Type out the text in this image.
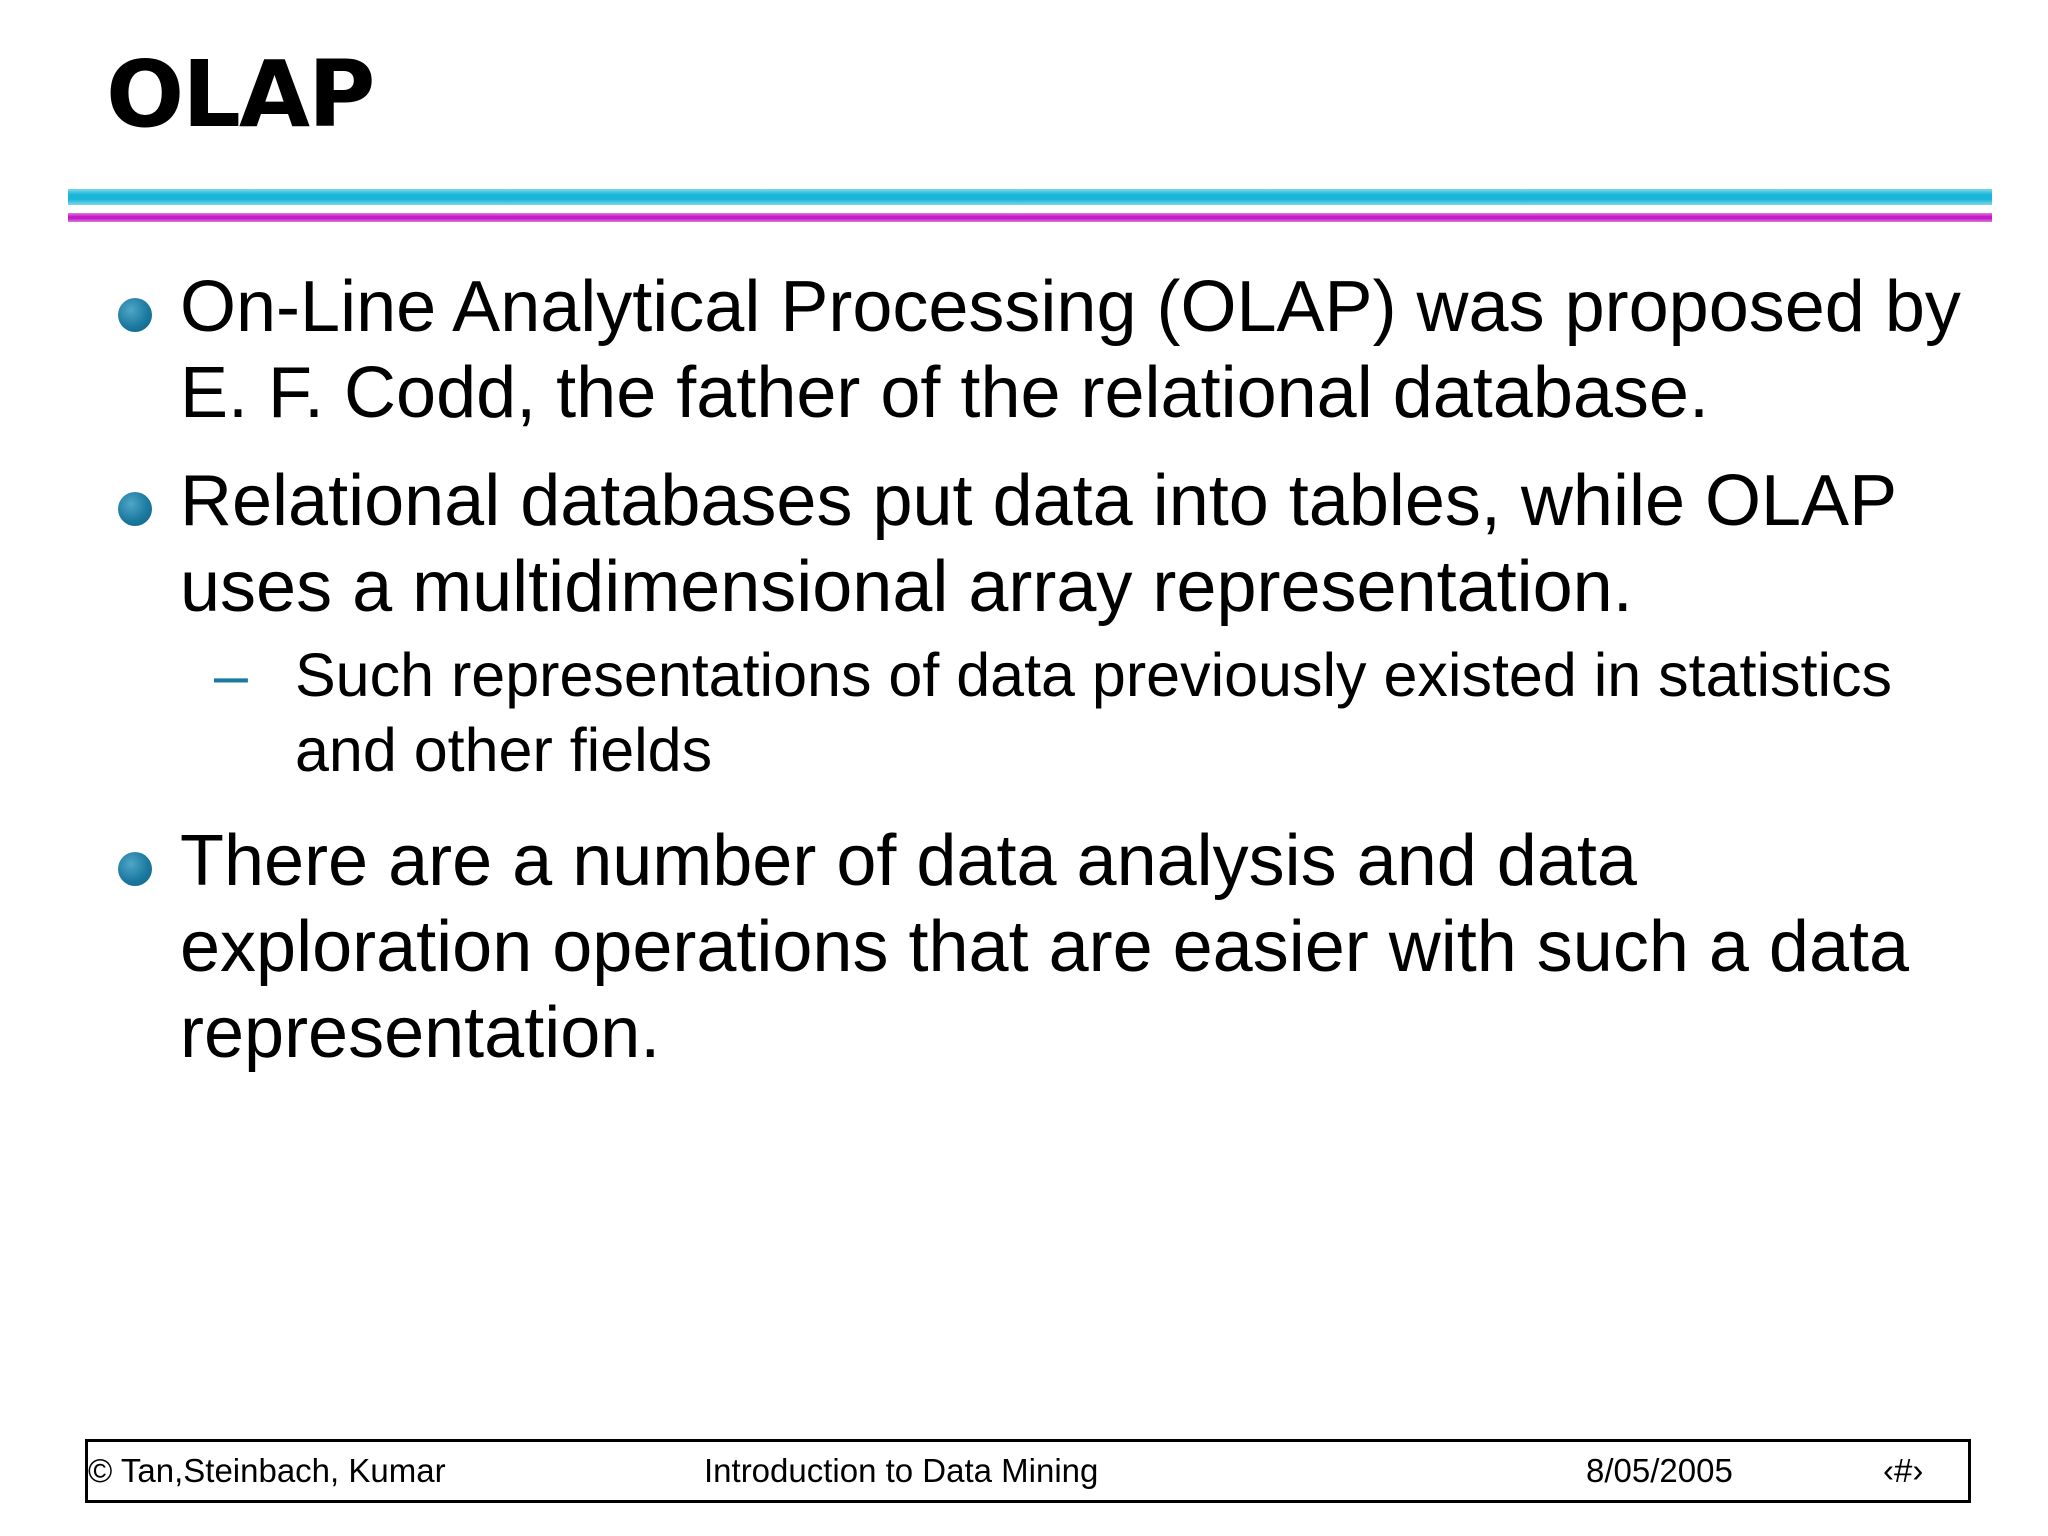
OLAP
On-Line Analytical Processing (OLAP) was proposed by E. F. Codd, the father of the relational database.
Relational databases put data into tables, while OLAP uses a multidimensional array representation.
– Such representations of data previously existed in statistics and other fields
There are a number of data analysis and data exploration operations that are easier with such a data representation.
© Tan,Steinbach, Kumar	Introduction to Data Mining	8/05/2005	‹#›
